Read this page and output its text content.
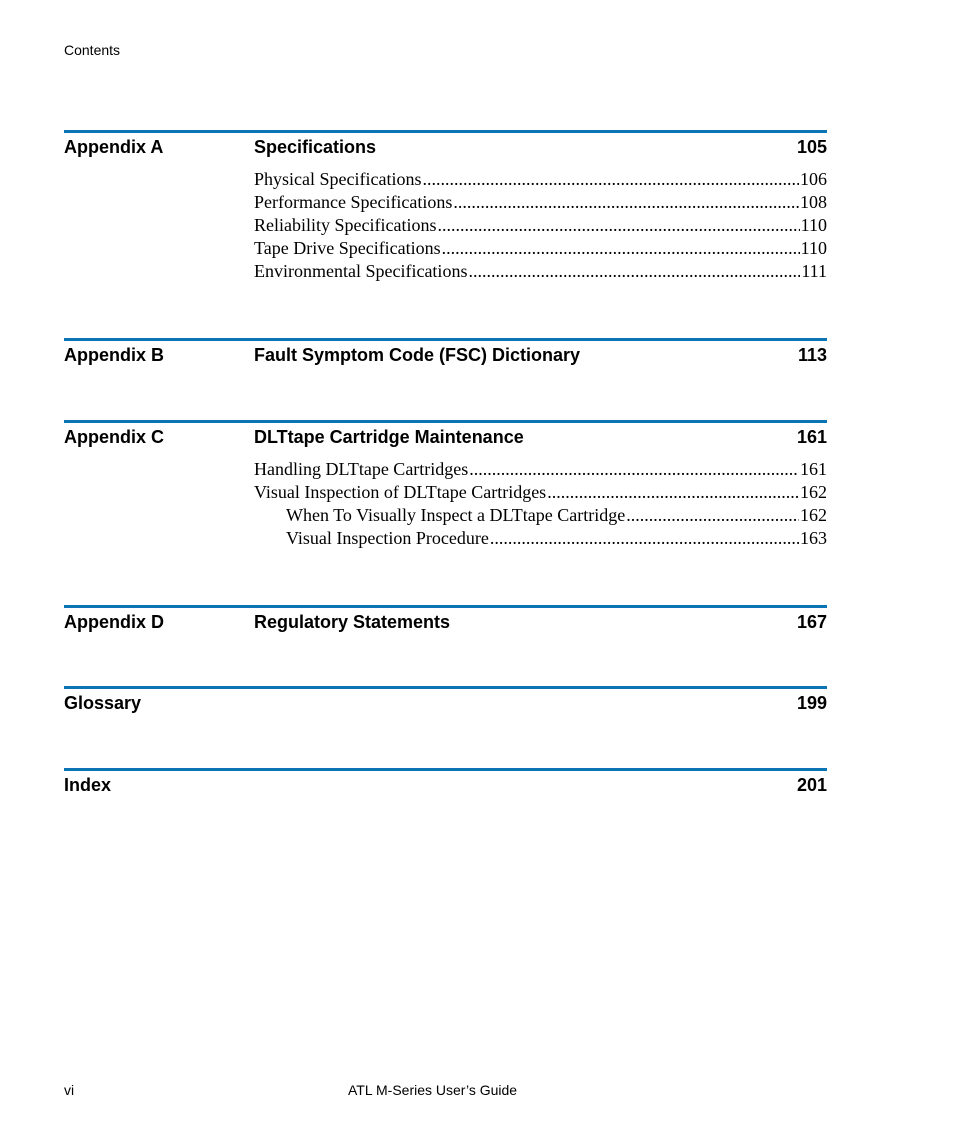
Contents
Appendix A	Specifications	105
Physical Specifications .....	106
Performance Specifications .....	108
Reliability Specifications .....	110
Tape Drive Specifications .....	110
Environmental Specifications .....	111
Appendix B	Fault Symptom Code (FSC) Dictionary	113
Appendix C	DLTtape Cartridge Maintenance	161
Handling DLTtape Cartridges .....	161
Visual Inspection of DLTtape Cartridges .....	162
When To Visually Inspect a DLTtape Cartridge .....	162
Visual Inspection Procedure .....	163
Appendix D	Regulatory Statements	167
Glossary	199
Index	201
vi	ATL M-Series User’s Guide
